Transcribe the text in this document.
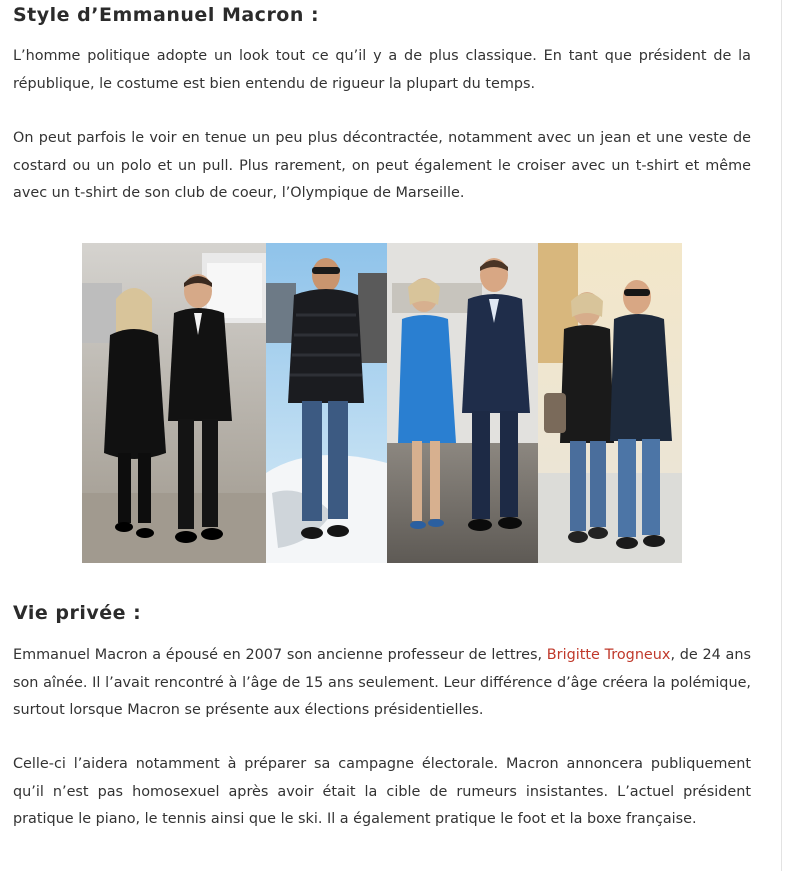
Style d’Emmanuel Macron :

L’homme politique adopte un look tout ce qu’il y a de plus classique. En tant que président de la république, le costume est bien entendu de rigueur la plupart du temps.

On peut parfois le voir en tenue un peu plus décontractée, notamment avec un jean et une veste de costard ou un polo et un pull. Plus rarement, on peut également le croiser avec un t-shirt et même avec un t-shirt de son club de coeur, l’Olympique de Marseille.

Vie privée :

Emmanuel Macron a épousé en 2007 son ancienne professeur de lettres, Brigitte Trogneux, de 24 ans son aînée. Il l’avait rencontré à l’âge de 15 ans seulement. Leur différence d’âge créera la polémique, surtout lorsque Macron se présente aux élections présidentielles.

Celle-ci l’aidera notamment à préparer sa campagne électorale. Macron annoncera publiquement qu’il n’est pas homosexuel après avoir était la cible de rumeurs insistantes. L’actuel président pratique le piano, le tennis ainsi que le ski. Il a également pratique le foot et la boxe française.
